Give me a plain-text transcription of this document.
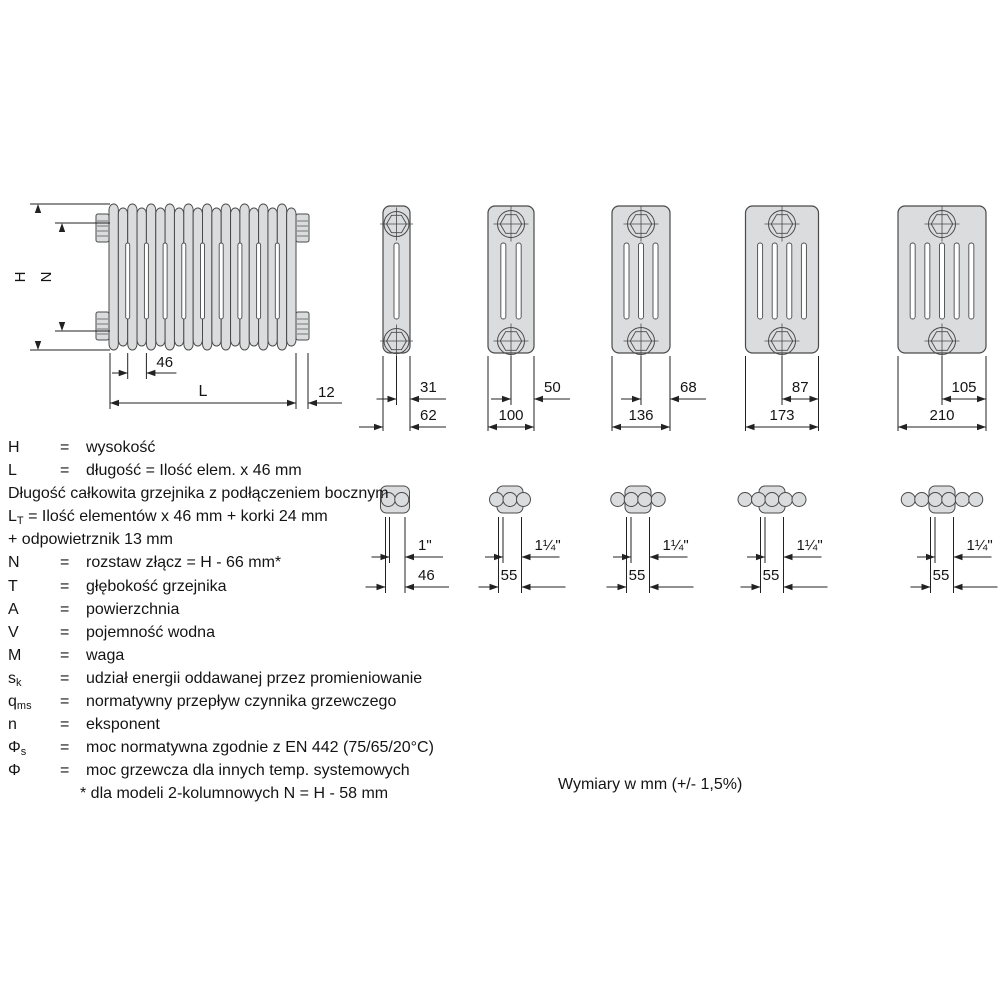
H N
46
L	12	31
62
50
100
68
136
87
173
105
210
1"
46
1¼"
55
1¼"
55
1¼"
55
1¼"
55
H	= wysokość
L	= długość = Ilość elem. x 46 mm
Długość całkowita grzejnika z podłączeniem bocznym
LT = Ilość elementów x 46 mm + korki 24 mm
+ odpowietrznik 13 mm
N	= rozstaw złącz = H - 66 mm*
T	= głębokość grzejnika
A	= powierzchnia
V	= pojemność wodna
M = waga
sk = udział energii oddawanej przez promieniowanie
qms = normatywny przepływ czynnika grzewczego
n	= eksponent
Φs = moc normatywna zgodnie z EN 442 (75/65/20°C)
Φ = moc grzewcza dla innych temp. systemowych
* dla modeli 2-kolumnowych N = H - 58 mm
Wymiary w mm (+/- 1,5%)
